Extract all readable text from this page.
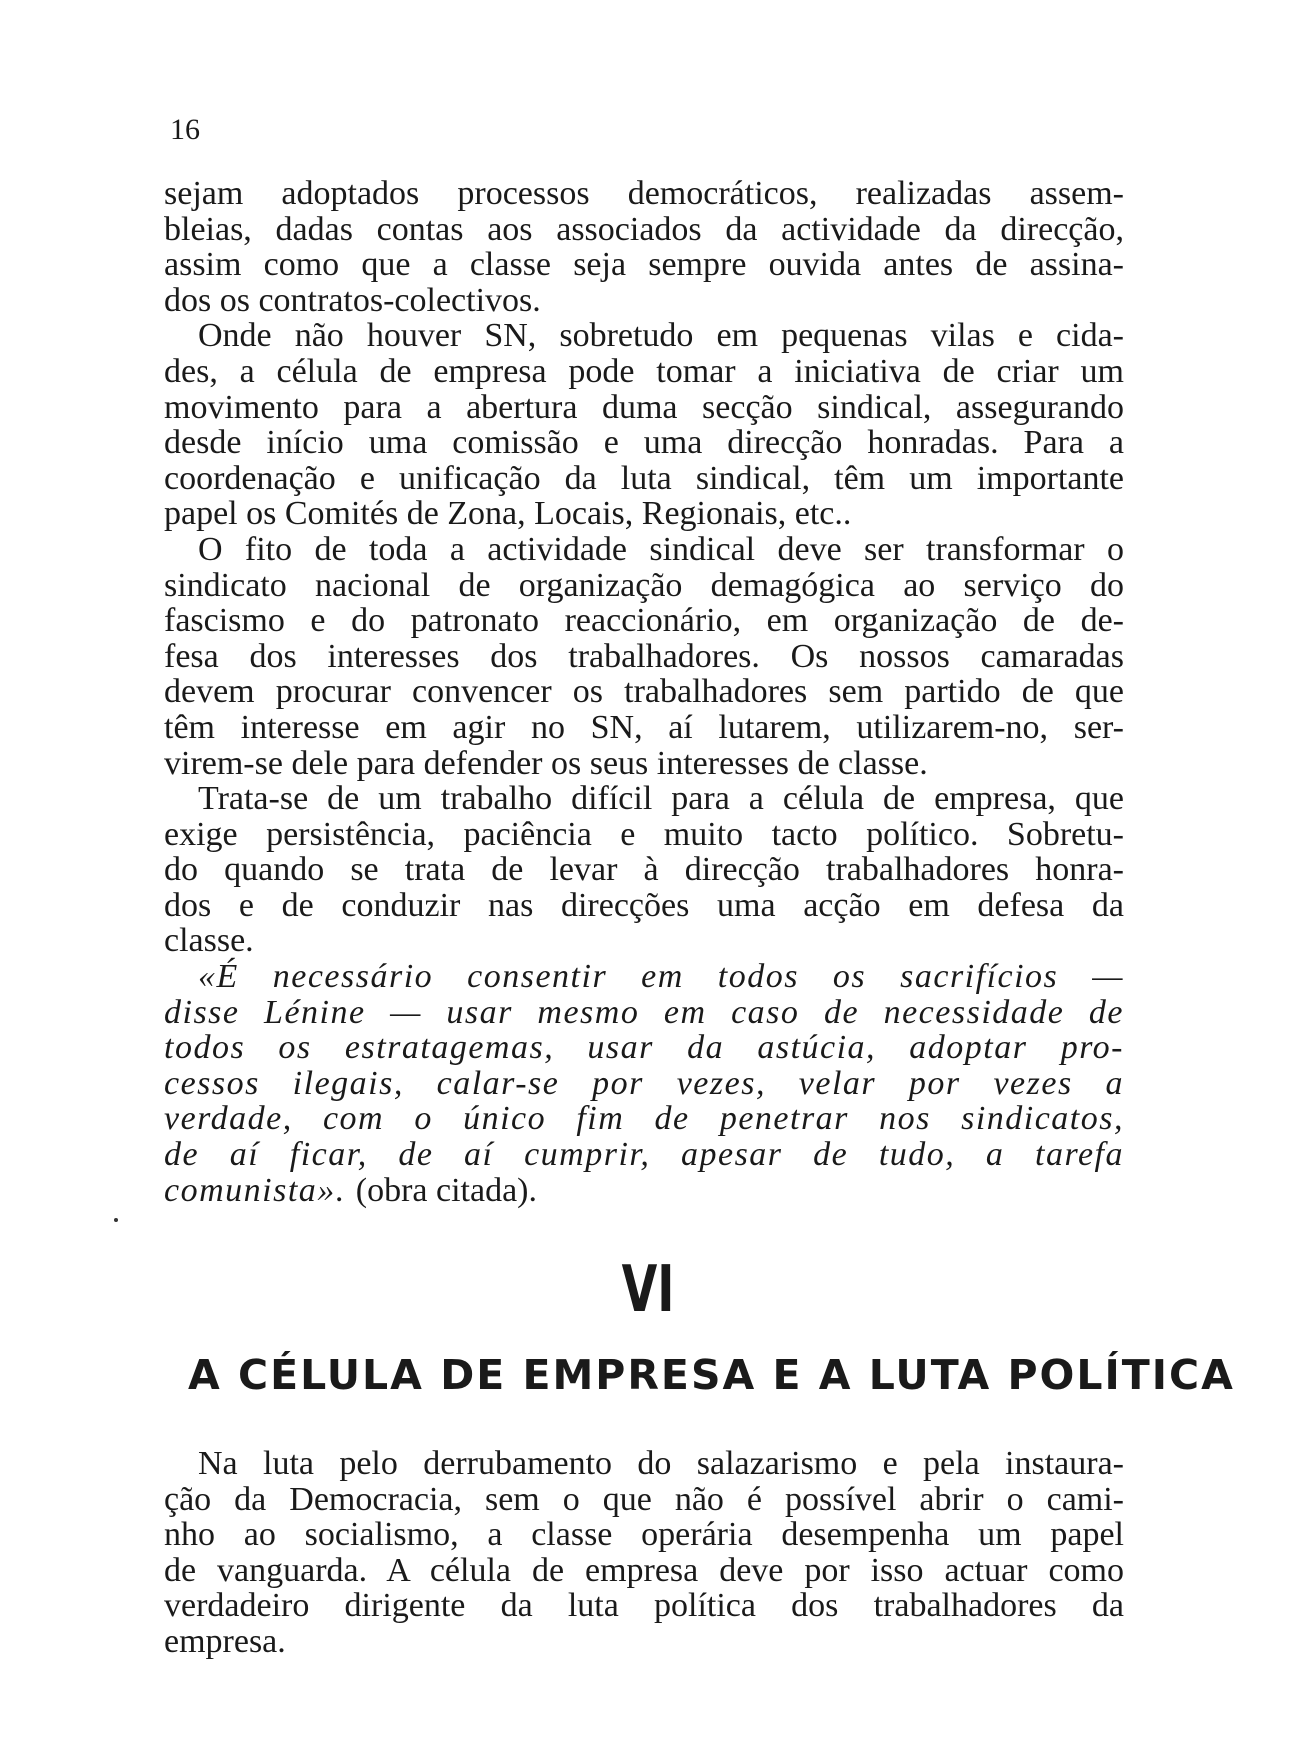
16
sejam adoptados processos democráticos, realizadas assem-
bleias, dadas contas aos associados da actividade da direcção,
assim como que a classe seja sempre ouvida antes de assina-
dos os contratos-colectivos.
Onde não houver SN, sobretudo em pequenas vilas e cida-
des, a célula de empresa pode tomar a iniciativa de criar um
movimento para a abertura duma secção sindical, assegurando
desde início uma comissão e uma direcção honradas. Para a
coordenação e unificação da luta sindical, têm um importante
papel os Comités de Zona, Locais, Regionais, etc..
O fito de toda a actividade sindical deve ser transformar o
sindicato nacional de organização demagógica ao serviço do
fascismo e do patronato reaccionário, em organização de de-
fesa dos interesses dos trabalhadores. Os nossos camaradas
devem procurar convencer os trabalhadores sem partido de que
têm interesse em agir no SN, aí lutarem, utilizarem-no, ser-
virem-se dele para defender os seus interesses de classe.
Trata-se de um trabalho difícil para a célula de empresa, que
exige persistência, paciência e muito tacto político. Sobretu-
do quando se trata de levar à direcção trabalhadores honra-
dos e de conduzir nas direcções uma acção em defesa da
classe.
«É necessário consentir em todos os sacrifícios —
disse Lénine — usar mesmo em caso de necessidade de
todos os estratagemas, usar da astúcia, adoptar pro-
cessos ilegais, calar-se por vezes, velar por vezes a
verdade, com o único fim de penetrar nos sindicatos,
de aí ficar, de aí cumprir, apesar de tudo, a tarefa
comunista». (obra citada).
VI
A CÉLULA DE EMPRESA E A LUTA POLÍTICA
Na luta pelo derrubamento do salazarismo e pela instaura-
ção da Democracia, sem o que não é possível abrir o cami-
nho ao socialismo, a classe operária desempenha um papel
de vanguarda. A célula de empresa deve por isso actuar como
verdadeiro dirigente da luta política dos trabalhadores da
empresa.
